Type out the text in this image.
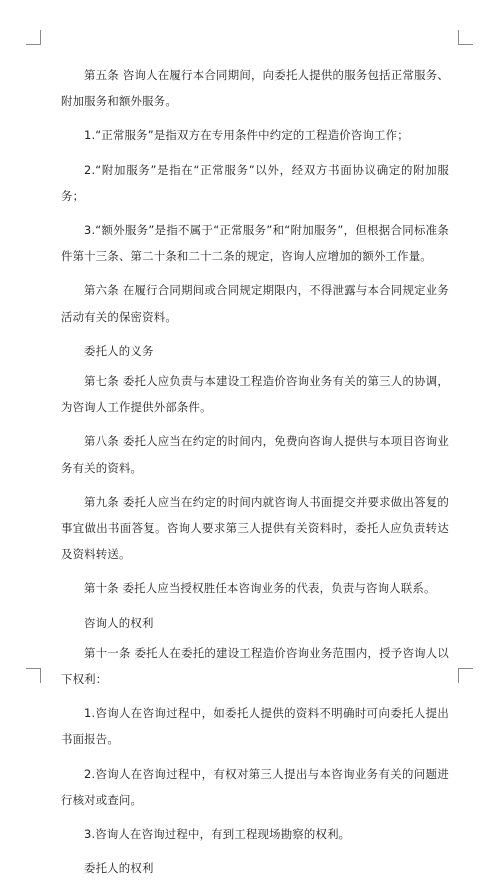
第五条 咨询人在履行本合同期间，向委托人提供的服务包括正常服务、附加服务和额外服务。

1.“正常服务”是指双方在专用条件中约定的工程造价咨询工作；

2.“附加服务”是指在“正常服务”以外，经双方书面协议确定的附加服务；

3.“额外服务”是指不属于“正常服务”和“附加服务”，但根据合同标准条件第十三条、第二十条和二十二条的规定，咨询人应增加的额外工作量。

第六条 在履行合同期间或合同规定期限内，不得泄露与本合同规定业务活动有关的保密资料。

委托人的义务

第七条 委托人应负责与本建设工程造价咨询业务有关的第三人的协调，为咨询人工作提供外部条件。

第八条 委托人应当在约定的时间内，免费向咨询人提供与本项目咨询业务有关的资料。

第九条 委托人应当在约定的时间内就咨询人书面提交并要求做出答复的事宜做出书面答复。咨询人要求第三人提供有关资料时，委托人应负责转达及资料转送。

第十条 委托人应当授权胜任本咨询业务的代表，负责与咨询人联系。

咨询人的权利

第十一条 委托人在委托的建设工程造价咨询业务范围内，授予咨询人以下权利：

1.咨询人在咨询过程中，如委托人提供的资料不明确时可向委托人提出书面报告。

2.咨询人在咨询过程中，有权对第三人提出与本咨询业务有关的问题进行核对或查问。

3.咨询人在咨询过程中，有到工程现场勘察的权利。

委托人的权利
